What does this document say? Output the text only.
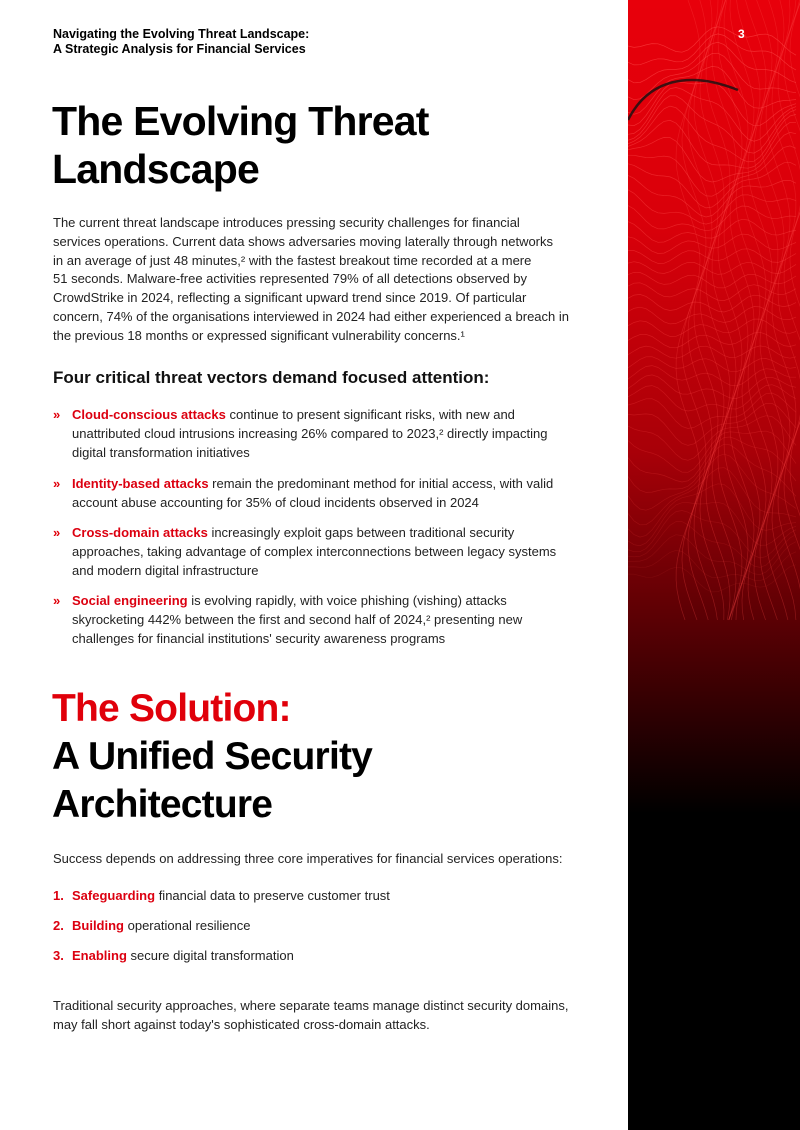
3
Navigating the Evolving Threat Landscape:
A Strategic Analysis for Financial Services
The Evolving Threat
Landscape
The current threat landscape introduces pressing security challenges for financial
services operations. Current data shows adversaries moving laterally through networks
in an average of just 48 minutes,² with the fastest breakout time recorded at a mere
51 seconds. Malware-free activities represented 79% of all detections observed by
CrowdStrike in 2024, reflecting a significant upward trend since 2019. Of particular
concern, 74% of the organisations interviewed in 2024 had either experienced a breach in
the previous 18 months or expressed significant vulnerability concerns.¹
Four critical threat vectors demand focused attention:
» Cloud-conscious attacks continue to present significant risks, with new and
unattributed cloud intrusions increasing 26% compared to 2023,² directly impacting
digital transformation initiatives
» Identity-based attacks remain the predominant method for initial access, with valid
account abuse accounting for 35% of cloud incidents observed in 2024
» Cross-domain attacks increasingly exploit gaps between traditional security
approaches, taking advantage of complex interconnections between legacy systems
and modern digital infrastructure
» Social engineering is evolving rapidly, with voice phishing (vishing) attacks
skyrocketing 442% between the first and second half of 2024,² presenting new
challenges for financial institutions' security awareness programs
The Solution:
A Unified Security
Architecture
Success depends on addressing three core imperatives for financial services operations:
1. Safeguarding financial data to preserve customer trust
2. Building operational resilience
3. Enabling secure digital transformation
Traditional security approaches, where separate teams manage distinct security domains,
may fall short against today's sophisticated cross-domain attacks.
